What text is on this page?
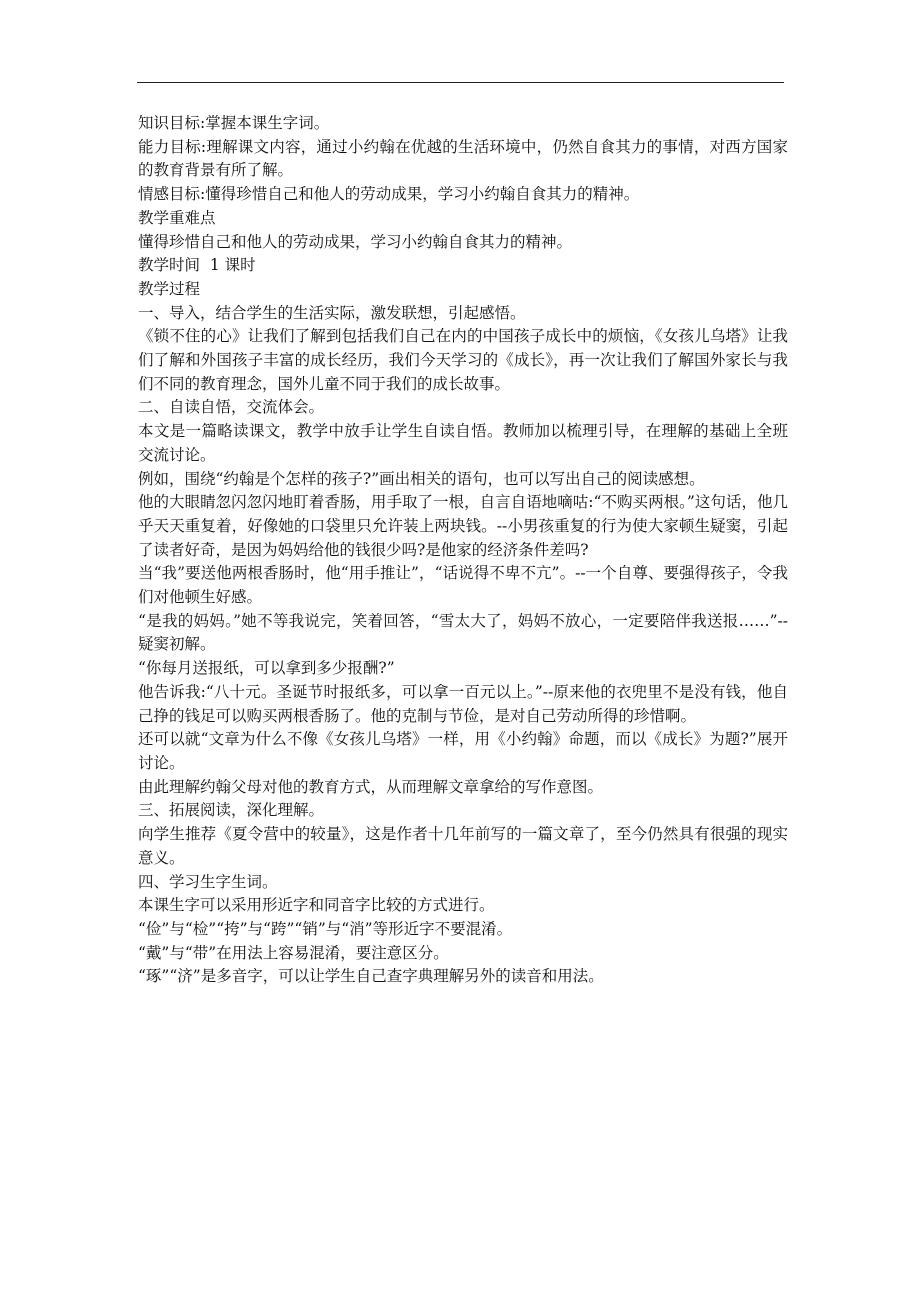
知识目标:掌握本课生字词。

能力目标:理解课文内容，通过小约翰在优越的生活环境中，仍然自食其力的事情，对西方国家的教育背景有所了解。

情感目标:懂得珍惜自己和他人的劳动成果，学习小约翰自食其力的精神。

教学重难点

懂得珍惜自己和他人的劳动成果，学习小约翰自食其力的精神。

教学时间  1 课时

教学过程

一、导入，结合学生的生活实际，激发联想，引起感悟。

《锁不住的心》让我们了解到包括我们自己在内的中国孩子成长中的烦恼，《女孩儿乌塔》让我们了解和外国孩子丰富的成长经历，我们今天学习的《成长》，再一次让我们了解国外家长与我们不同的教育理念，国外儿童不同于我们的成长故事。

二、自读自悟，交流体会。

本文是一篇略读课文，教学中放手让学生自读自悟。教师加以梳理引导，在理解的基础上全班交流讨论。

例如，围绕“约翰是个怎样的孩子?”画出相关的语句，也可以写出自己的阅读感想。

他的大眼睛忽闪忽闪地盯着香肠，用手取了一根，自言自语地嘀咕:“不购买两根。”这句话，他几乎天天重复着，好像她的口袋里只允许装上两块钱。--小男孩重复的行为使大家顿生疑窦，引起了读者好奇，是因为妈妈给他的钱很少吗?是他家的经济条件差吗?

当“我”要送他两根香肠时，他“用手推让”，“话说得不卑不亢”。--一个自尊、要强得孩子，令我们对他顿生好感。

“是我的妈妈。”她不等我说完，笑着回答，“雪太大了，妈妈不放心，一定要陪伴我送报……”--疑窦初解。

“你每月送报纸，可以拿到多少报酬?”

他告诉我:“八十元。圣诞节时报纸多，可以拿一百元以上。”--原来他的衣兜里不是没有钱，他自己挣的钱足可以购买两根香肠了。他的克制与节俭，是对自己劳动所得的珍惜啊。

还可以就“文章为什么不像《女孩儿乌塔》一样，用《小约翰》命题，而以《成长》为题?”展开讨论。

由此理解约翰父母对他的教育方式，从而理解文章拿给的写作意图。

三、拓展阅读，深化理解。

向学生推荐《夏令营中的较量》，这是作者十几年前写的一篇文章了，至今仍然具有很强的现实意义。

四、学习生字生词。

本课生字可以采用形近字和同音字比较的方式进行。

“俭”与“检”“挎”与“跨”“销”与“消”等形近字不要混淆。

“戴”与“带”在用法上容易混淆，要注意区分。

“琢”“济”是多音字，可以让学生自己查字典理解另外的读音和用法。
